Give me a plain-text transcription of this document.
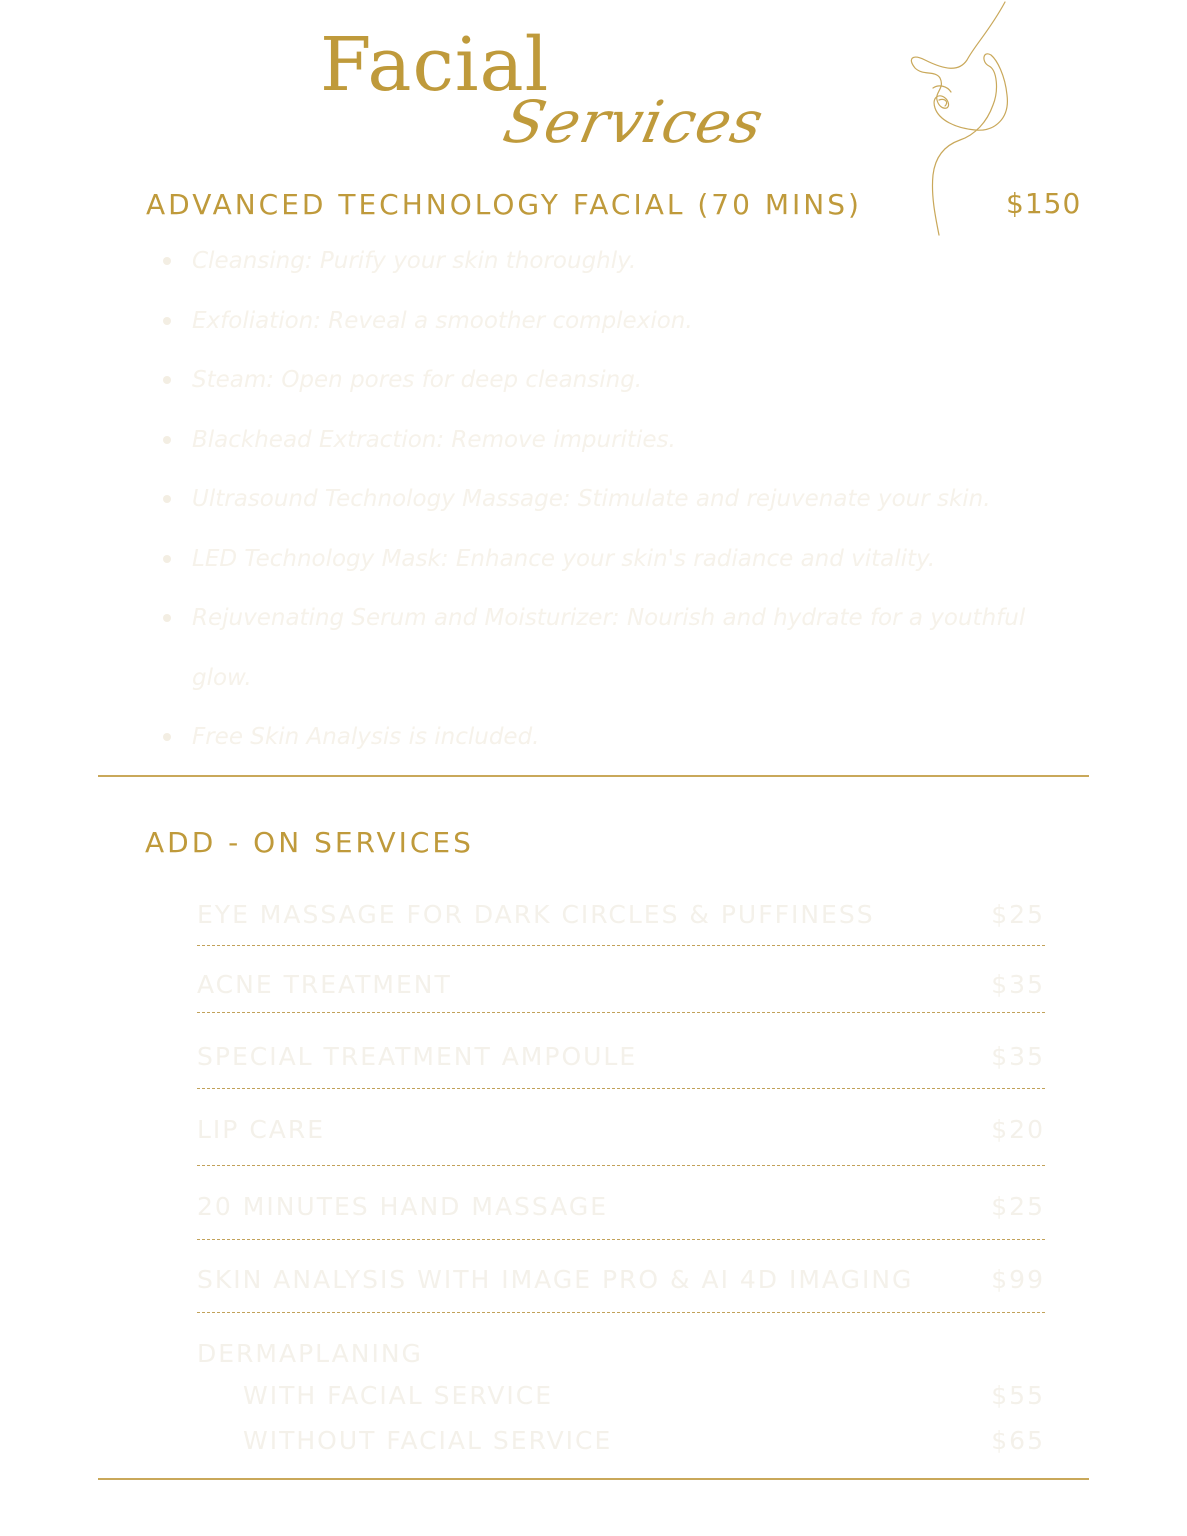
Facial
Services
ADVANCED TECHNOLOGY FACIAL (70 MINS)	$150
Cleansing: Purify your skin thoroughly.
Exfoliation: Reveal a smoother complexion.
Steam: Open pores for deep cleansing.
Blackhead Extraction: Remove impurities.
Ultrasound Technology Massage: Stimulate and rejuvenate your skin.
LED Technology Mask: Enhance your skin's radiance and vitality.
Rejuvenating Serum and Moisturizer: Nourish and hydrate for a youthful glow.
Free Skin Analysis is included.
ADD - ON SERVICES
EYE MASSAGE FOR DARK CIRCLES & PUFFINESS	$25
ACNE TREATMENT	$35
SPECIAL TREATMENT AMPOULE	$35
LIP CARE	$20
20 MINUTES HAND MASSAGE	$25
SKIN ANALYSIS WITH IMAGE PRO & AI 4D IMAGING	$99
DERMAPLANING
WITH FACIAL SERVICE	$55
WITHOUT FACIAL SERVICE	$65
